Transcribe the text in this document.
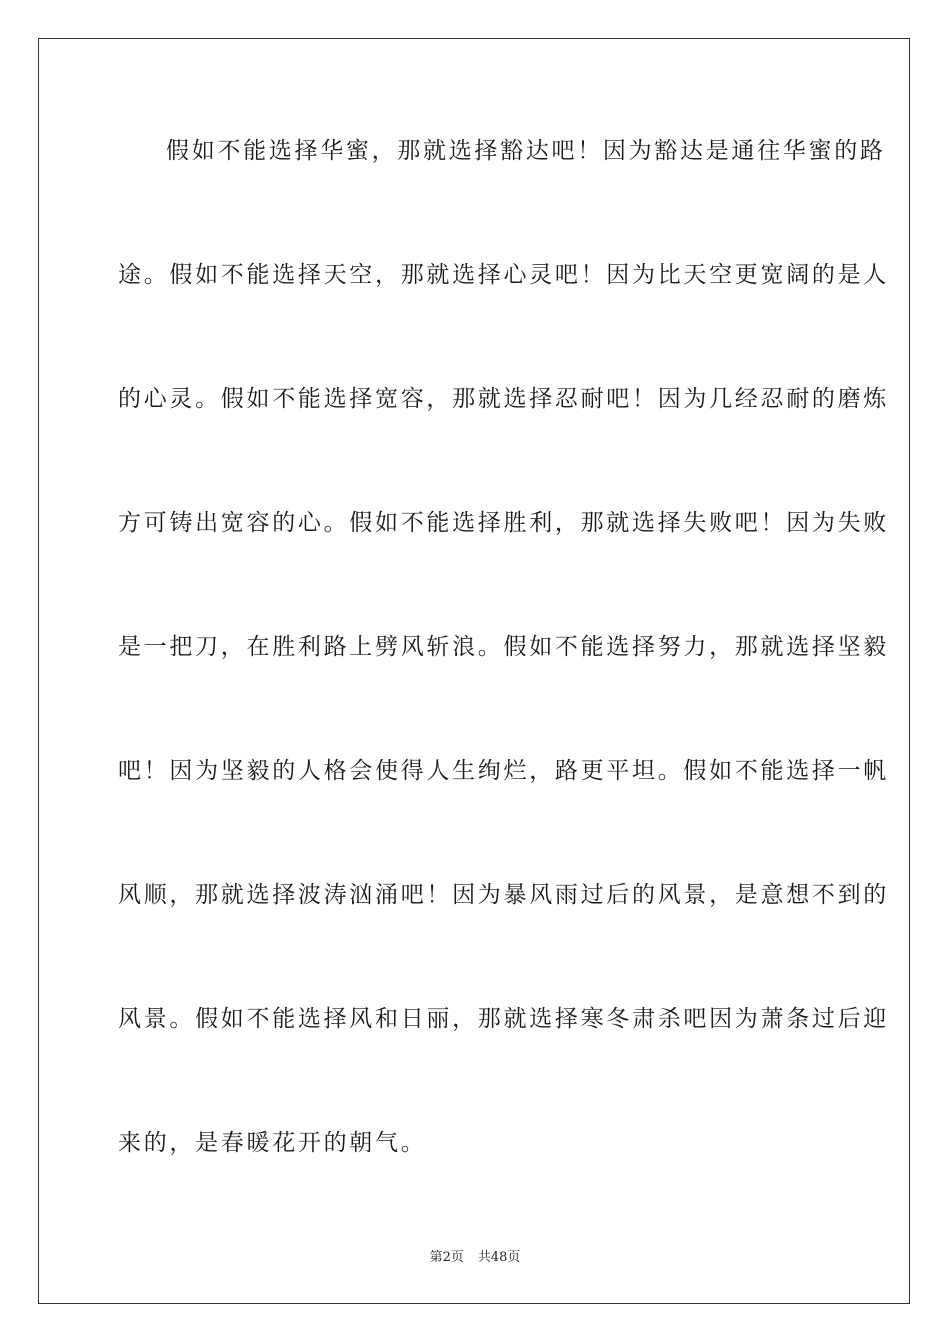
假如不能选择华蜜，那就选择豁达吧！因为豁达是通往华蜜的路
途。假如不能选择天空，那就选择心灵吧！因为比天空更宽阔的是人
的心灵。假如不能选择宽容，那就选择忍耐吧！因为几经忍耐的磨炼
方可铸出宽容的心。假如不能选择胜利，那就选择失败吧！因为失败
是一把刀，在胜利路上劈风斩浪。假如不能选择努力，那就选择坚毅
吧！因为坚毅的人格会使得人生绚烂，路更平坦。假如不能选择一帆
风顺，那就选择波涛汹涌吧！因为暴风雨过后的风景，是意想不到的
风景。假如不能选择风和日丽，那就选择寒冬肃杀吧因为萧条过后迎
来的，是春暖花开的朝气。
第2页 共48页
